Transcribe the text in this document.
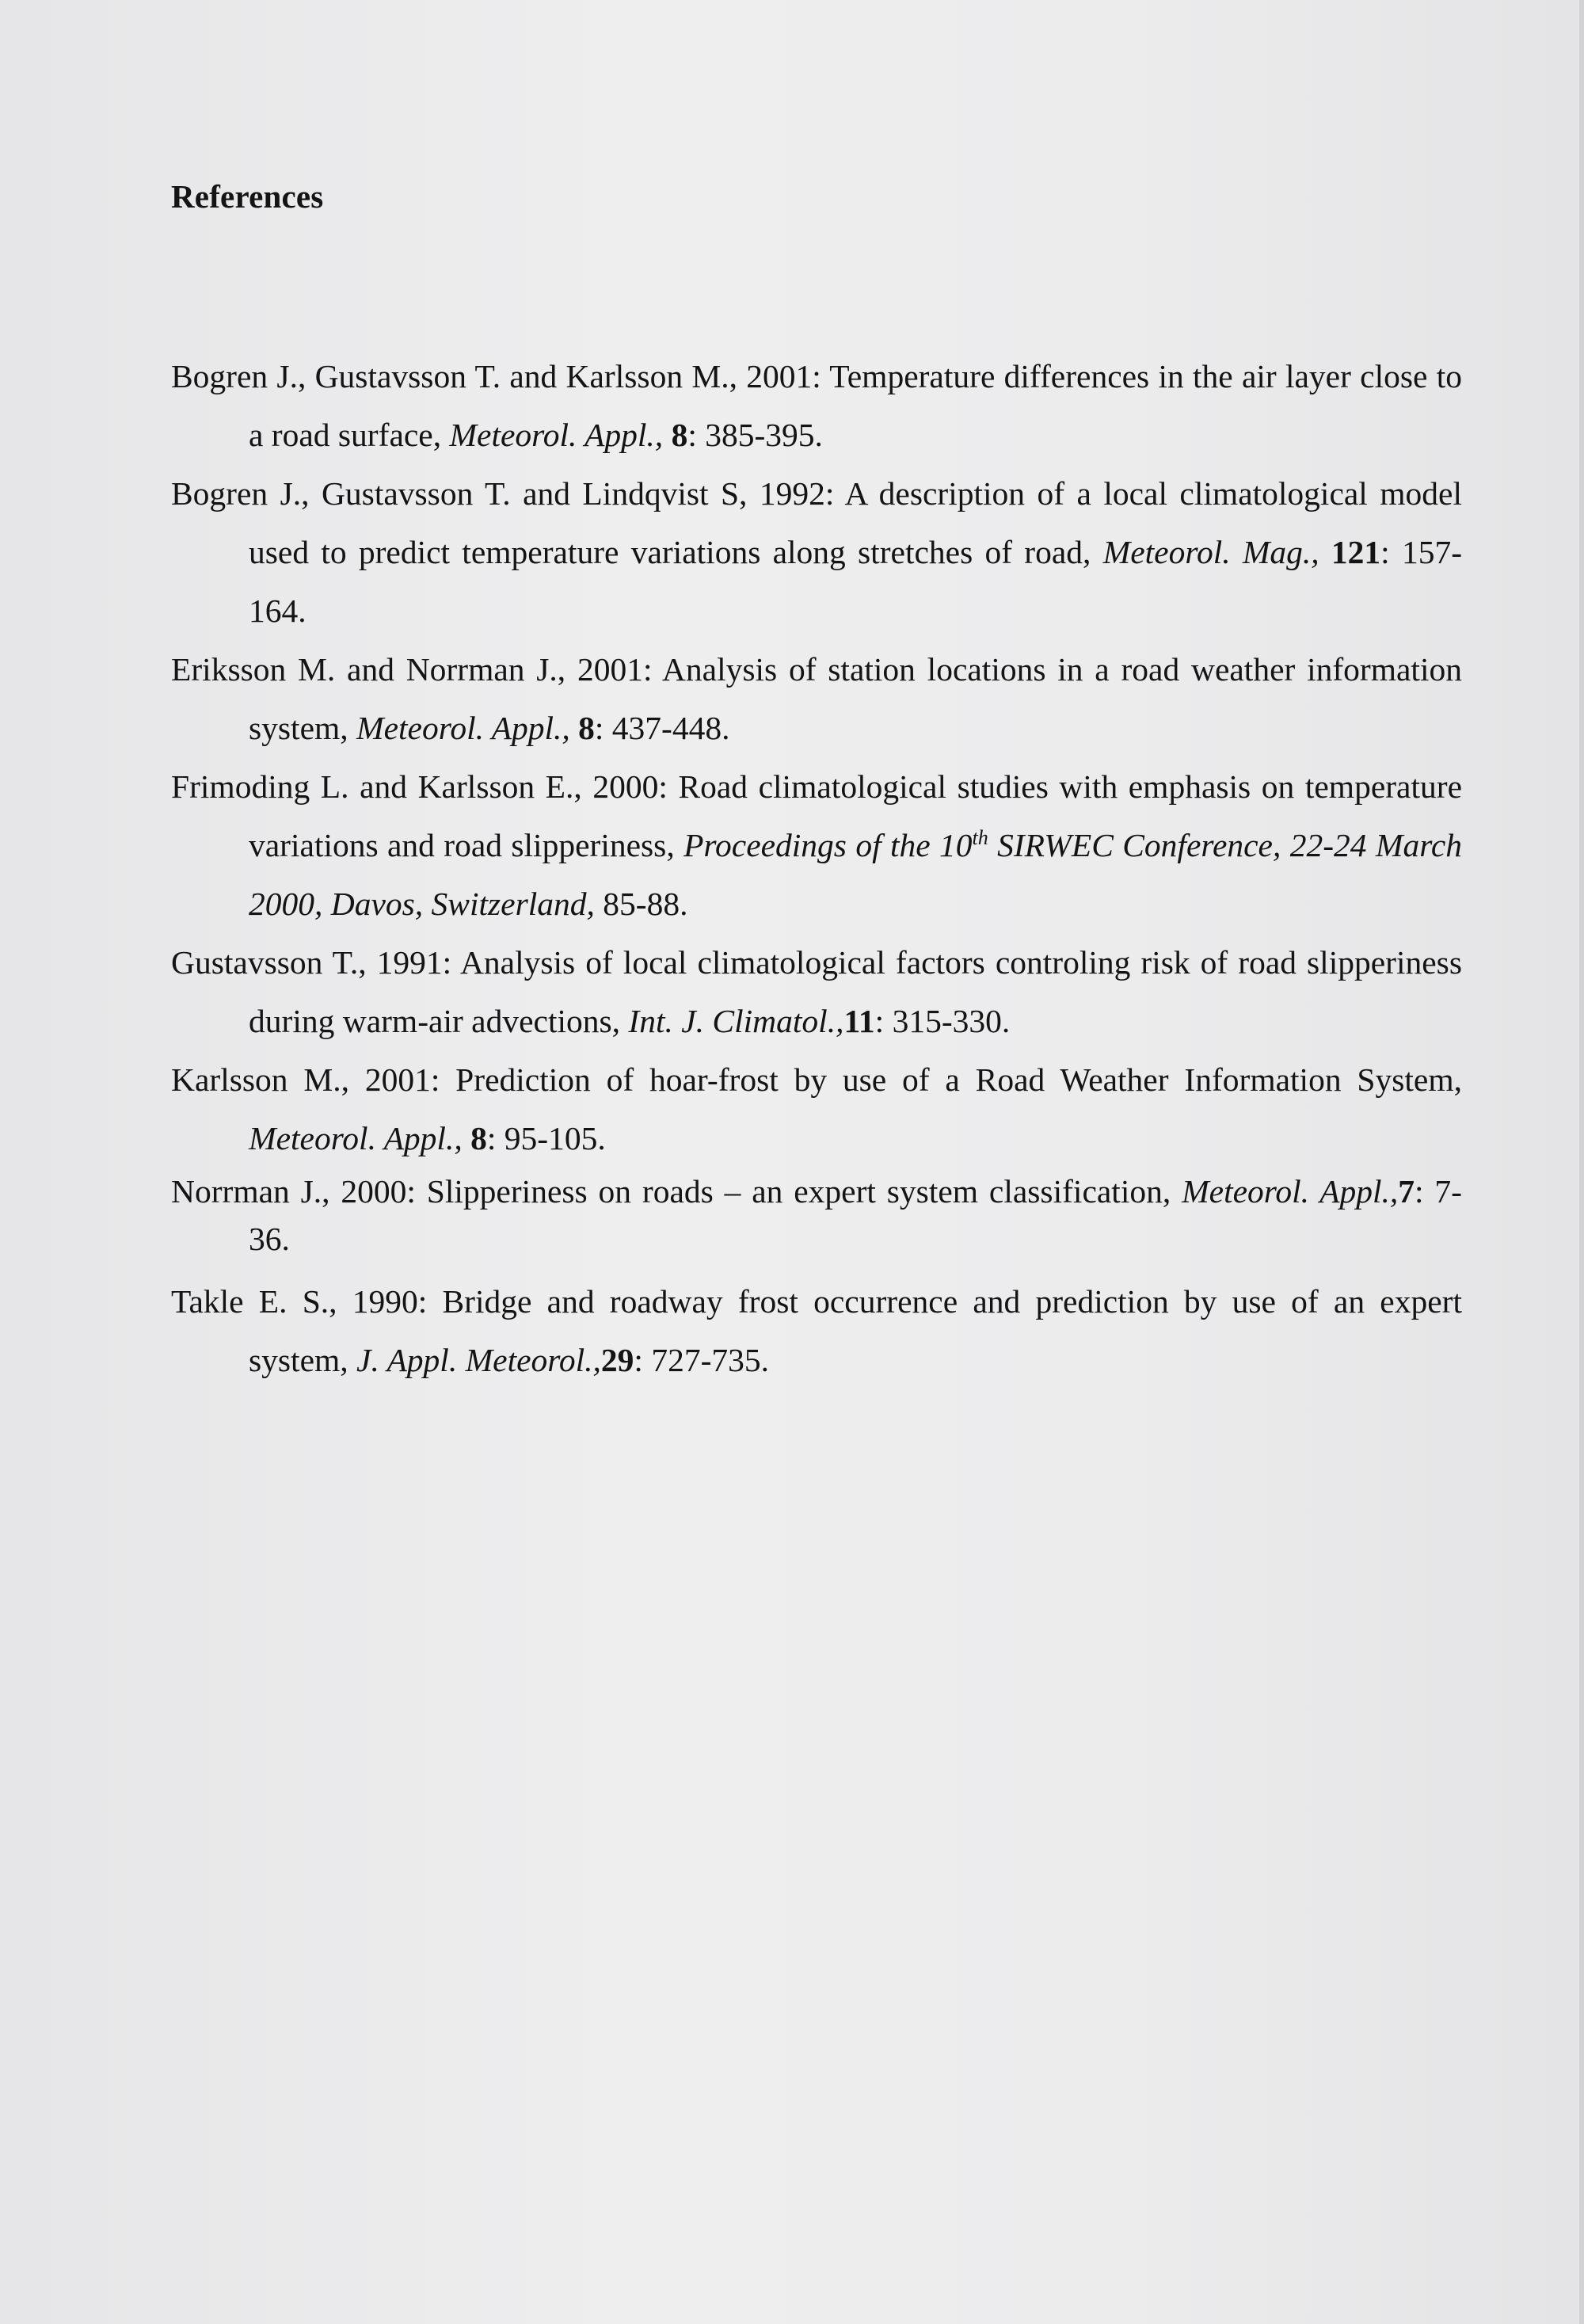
References
Bogren J., Gustavsson T. and Karlsson M., 2001: Temperature differences in the air layer close to a road surface, Meteorol. Appl., 8: 385-395.
Bogren J., Gustavsson T. and Lindqvist S, 1992: A description of a local climatological model used to predict temperature variations along stretches of road, Meteorol. Mag., 121: 157-164.
Eriksson M. and Norrman J., 2001: Analysis of station locations in a road weather information system, Meteorol. Appl., 8: 437-448.
Frimoding L. and Karlsson E., 2000: Road climatological studies with emphasis on temperature variations and road slipperiness, Proceedings of the 10th SIRWEC Conference, 22-24 March 2000, Davos, Switzerland, 85-88.
Gustavsson T., 1991: Analysis of local climatological factors controling risk of road slipperiness during warm-air advections, Int. J. Climatol.,11: 315-330.
Karlsson M., 2001: Prediction of hoar-frost by use of a Road Weather Information System, Meteorol. Appl., 8: 95-105.
Norrman J., 2000: Slipperiness on roads – an expert system classification, Meteorol. Appl.,7: 7-36.
Takle E. S., 1990: Bridge and roadway frost occurrence and prediction by use of an expert system, J. Appl. Meteorol.,29: 727-735.
